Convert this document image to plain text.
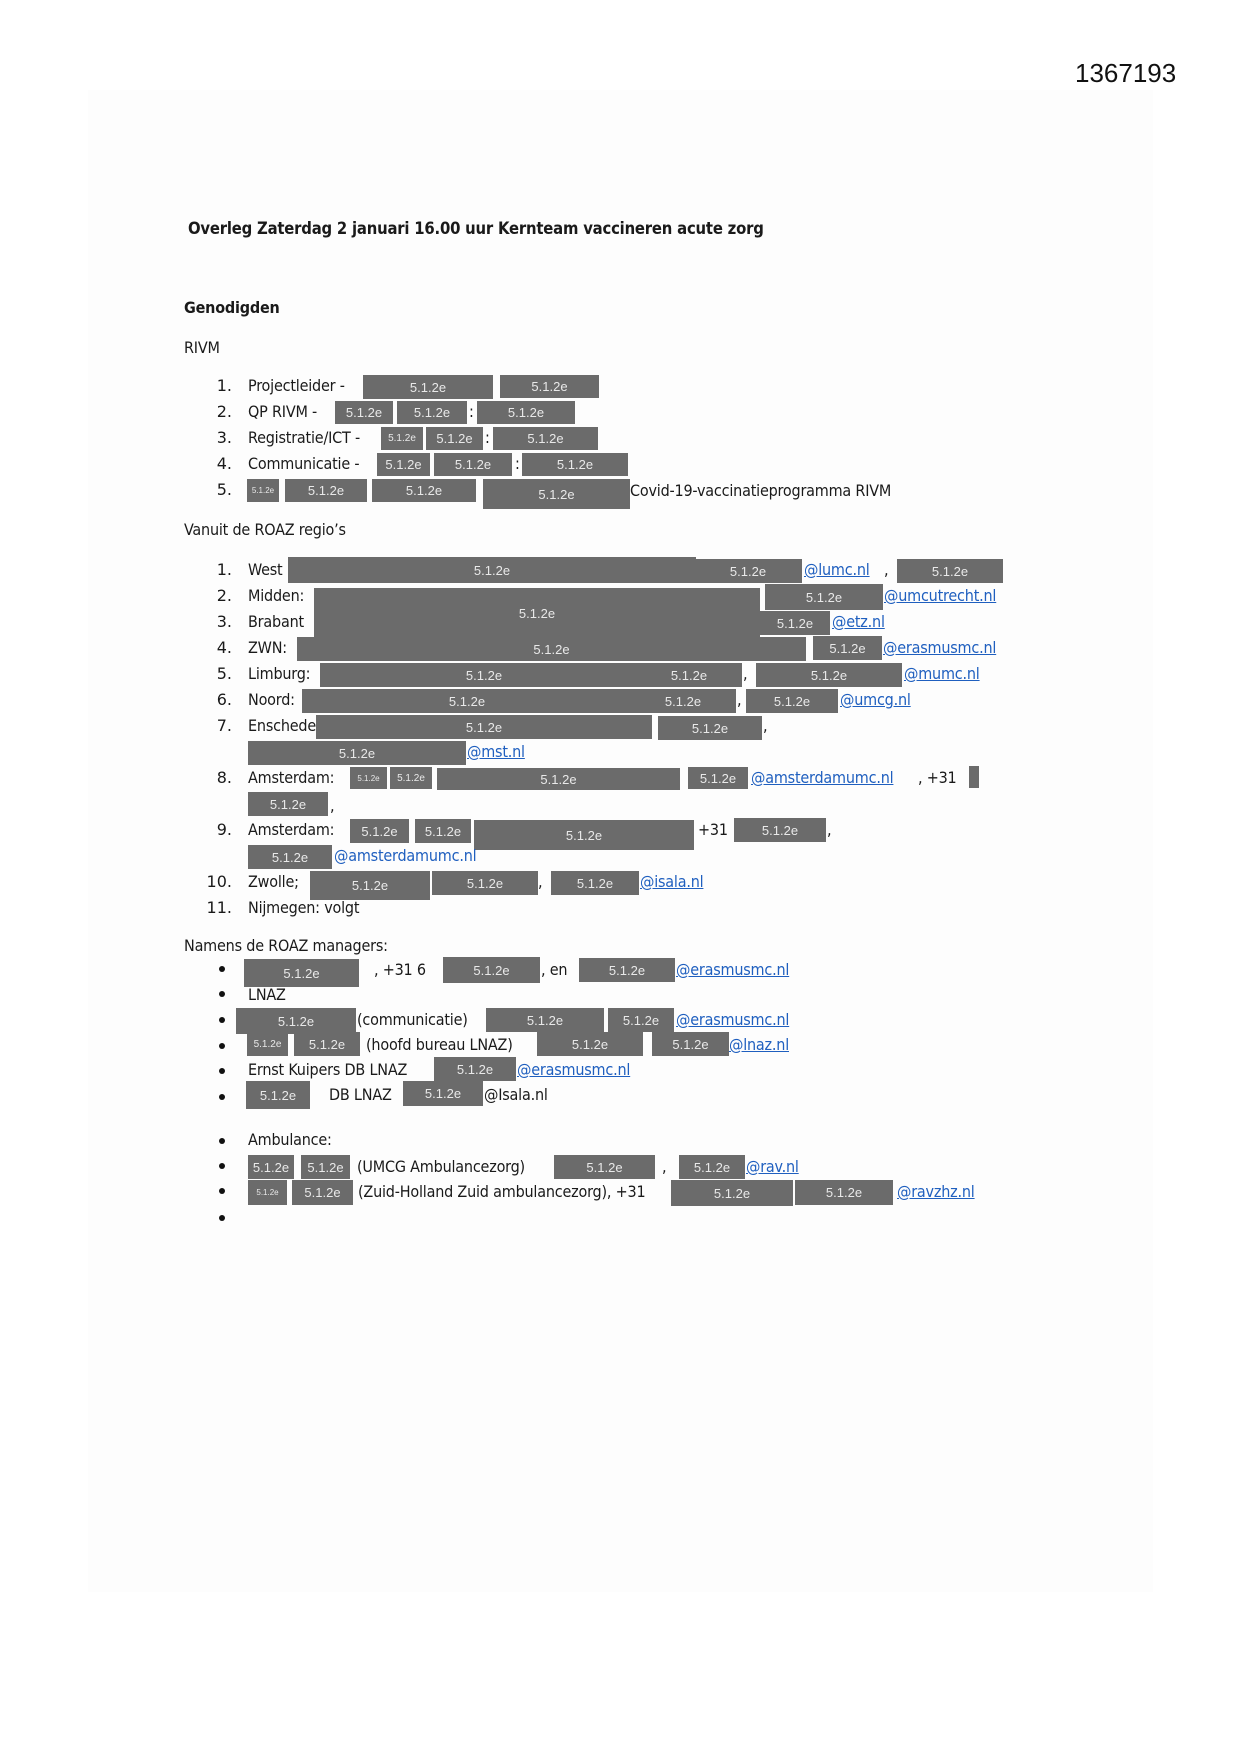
1367193
Overleg Zaterdag 2 januari 16.00 uur Kernteam vaccineren acute zorg
Genodigden
RIVM
1. Projectleider -	5.1.2e	5.1.2e
2. QP RIVM -	5.1.2e	5.1.2e	:	5.1.2e
3. Registratie/ICT -	5.1.2e	5.1.2e :	5.1.2e
4. Communicatie -	5.1.2e	5.1.2e	:	5.1.2e
5.	5.1.2e	5.1.2e	5.1.2e	5.1.2e	Covid-19-vaccinatieprogramma RIVM
Vanuit de ROAZ regio’s
1. West	5.1.2e	5.1.2e	@lumc.nl ,	5.1.2e
2. Midden:
3. Brabant	5.1.2e
5.1.2e	@umcutrecht.nl
5.1.2e	@etz.nl
4. ZWN:	5.1.2e	5.1.2e	@erasmusmc.nl
5. Limburg:	5.1.2e	5.1.2e	,	5.1.2e	@mumc.nl
6. Noord:	5.1.2e	5.1.2e	,	5.1.2e	@umcg.nl
7. Enschede	5.1.2e	5.1.2e	,
5.1.2e	@mst.nl
8. Amsterdam:	5.1.2e	5.1.2e	5.1.2e	5.1.2e @amsterdamumc.nl , +31
5.1.2e	,
9. Amsterdam:	5.1.2e	5.1.2e	5.1.2e	+31	5.1.2e	,
5.1.2e	@amsterdamumc.nl
10. Zwolle;	5.1.2e	5.1.2e	,	5.1.2e	@isala.nl
11. Nijmegen: volgt
Namens de ROAZ managers:
5.1.2e	, +31 6	5.1.2e	, en	5.1.2e	@erasmusmc.nl
LNAZ
5.1.2e	(communicatie)	5.1.2e	5.1.2e	@erasmusmc.nl
5.1.2e	5.1.2e	(hoofd bureau LNAZ)	5.1.2e	5.1.2e	@lnaz.nl
Ernst Kuipers DB LNAZ	5.1.2e	@erasmusmc.nl
5.1.2e	DB LNAZ	5.1.2e	@Isala.nl
Ambulance:
5.1.2e	5.1.2e (UMCG Ambulancezorg)	5.1.2e	,	5.1.2e @rav.nl
5.1.2e	5.1.2e	(Zuid-Holland Zuid ambulancezorg), +31	5.1.2e	5.1.2e	@ravzhz.nl
